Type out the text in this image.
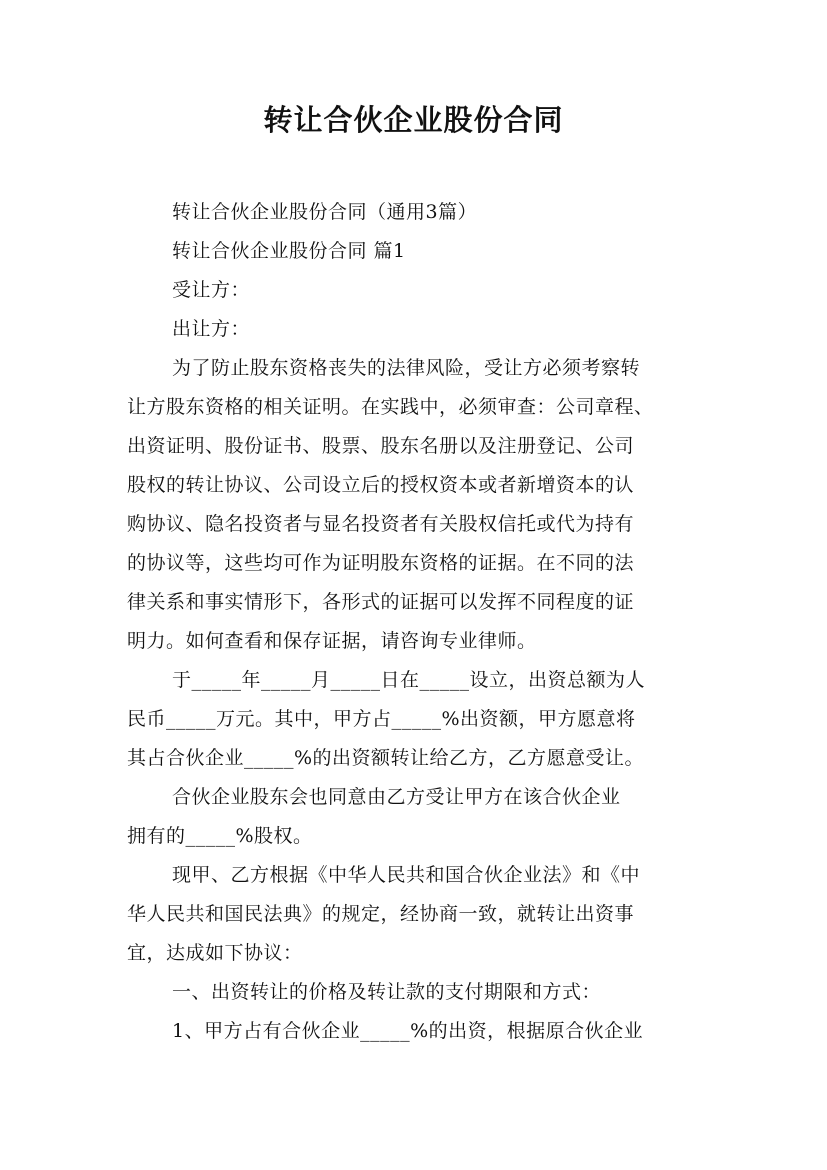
转让合伙企业股份合同
转让合伙企业股份合同（通用3篇）
转让合伙企业股份合同 篇1
受让方：
出让方：
为了防止股东资格丧失的法律风险，受让方必须考察转
让方股东资格的相关证明。在实践中，必须审查：公司章程、
出资证明、股份证书、股票、股东名册以及注册登记、公司
股权的转让协议、公司设立后的授权资本或者新增资本的认
购协议、隐名投资者与显名投资者有关股权信托或代为持有
的协议等，这些均可作为证明股东资格的证据。在不同的法
律关系和事实情形下，各形式的证据可以发挥不同程度的证
明力。如何查看和保存证据，请咨询专业律师。
于_____年_____月_____日在_____设立，出资总额为人
民币_____万元。其中，甲方占_____%出资额，甲方愿意将
其占合伙企业_____%的出资额转让给乙方，乙方愿意受让。
合伙企业股东会也同意由乙方受让甲方在该合伙企业
拥有的_____%股权。
现甲、乙方根据《中华人民共和国合伙企业法》和《中
华人民共和国民法典》的规定，经协商一致，就转让出资事
宜，达成如下协议：
一、出资转让的价格及转让款的支付期限和方式：
1、甲方占有合伙企业_____%的出资，根据原合伙企业
